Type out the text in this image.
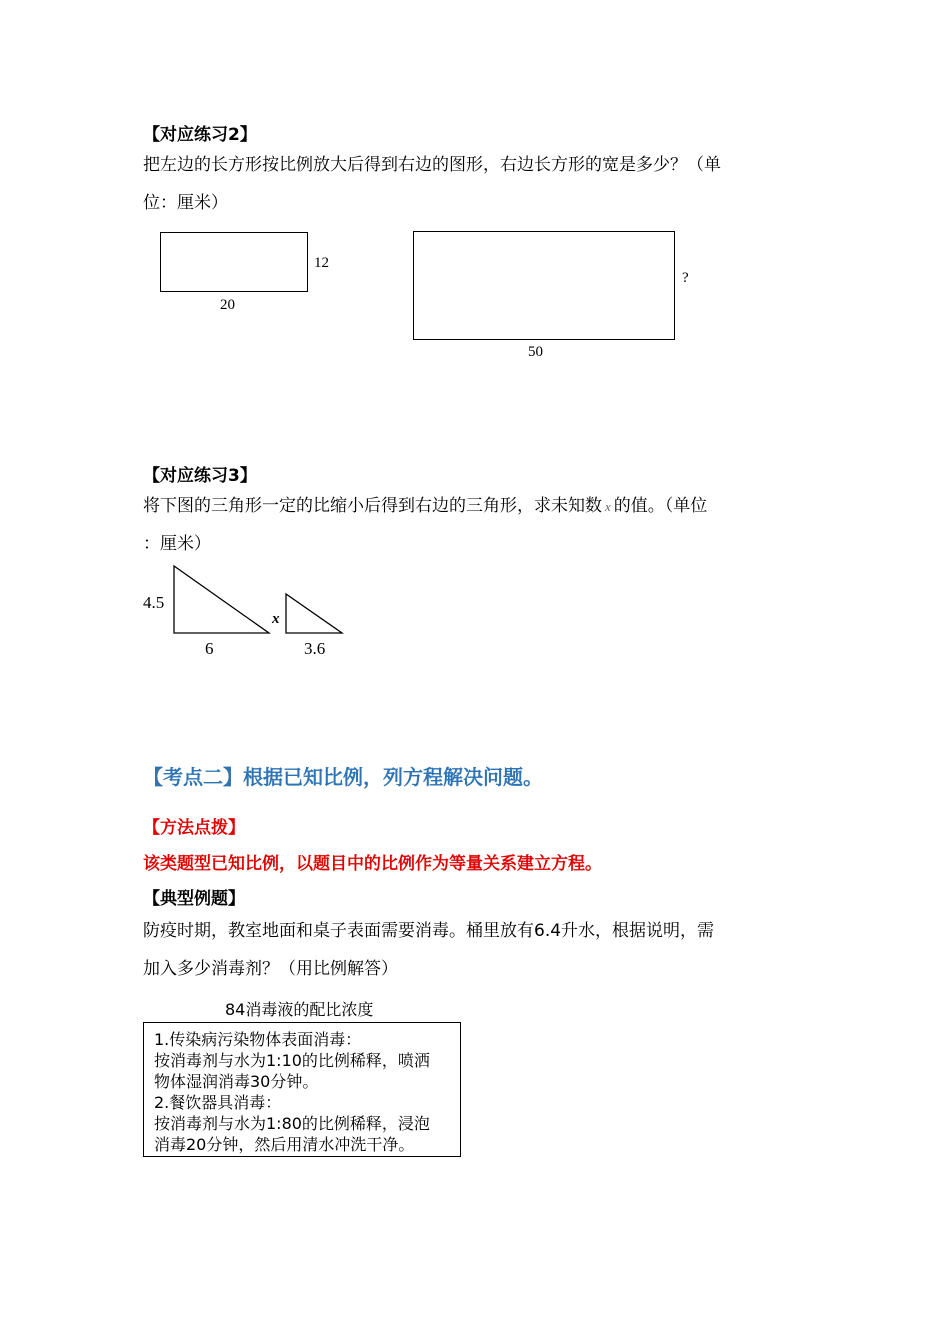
【对应练习2】
把左边的长方形按比例放大后得到右边的图形，右边长方形的宽是多少？（单
位：厘米）
12
20
?
50
【对应练习3】
将下图的三角形一定的比缩小后得到右边的三角形，求未知数 x 的值。（单位
：厘米）
4.5
6
x
3.6
【考点二】根据已知比例，列方程解决问题。
【方法点拨】
该类题型已知比例，以题目中的比例作为等量关系建立方程。
【典型例题】
防疫时期，教室地面和桌子表面需要消毒。桶里放有6.4升水，根据说明，需
加入多少消毒剂？（用比例解答）
84消毒液的配比浓度
1.传染病污染物体表面消毒：
按消毒剂与水为1:10的比例稀释，喷洒
物体湿润消毒30分钟。
2.餐饮器具消毒：
按消毒剂与水为1:80的比例稀释，浸泡
消毒20分钟，然后用清水冲洗干净。
